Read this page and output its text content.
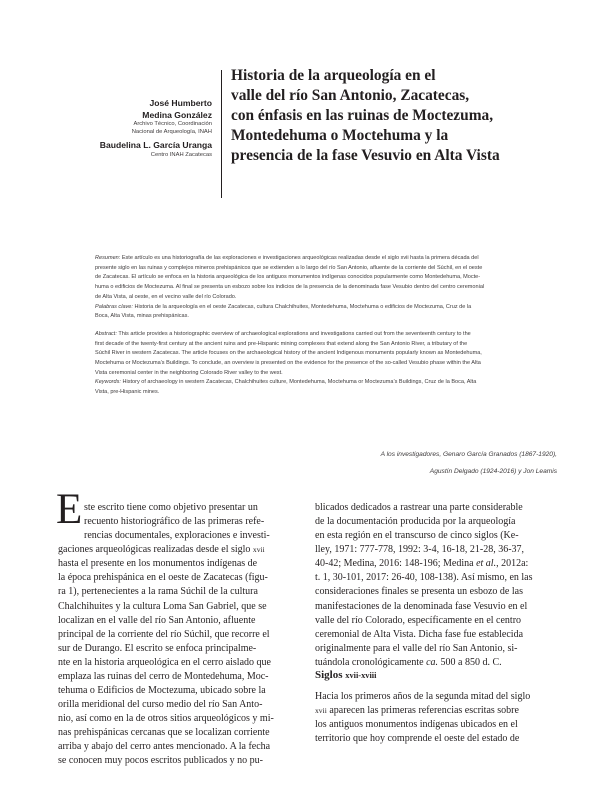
José Humberto
Medina González
Archivo Técnico, Coordinación
Nacional de Arqueología, INAH
Baudelina L. García Uranga
Centro INAH Zacatecas
Historia de la arqueología en el
valle del río San Antonio, Zacatecas,
con énfasis en las ruinas de Moctezuma,
Montedehuma o Moctehuma y la
presencia de la fase Vesuvio en Alta Vista
Resumen: Este artículo es una historiografía de las exploraciones e investigaciones arqueológicas realizadas desde el siglo xvii hasta la primera década del
presente siglo en las ruinas y complejos mineros prehispánicos que se extienden a lo largo del río San Antonio, afluente de la corriente del Súchil, en el oeste
de Zacatecas. El artículo se enfoca en la historia arqueológica de los antiguos monumentos indígenas conocidos popularmente como Montedehuma, Mocte-
huma o edificios de Moctezuma. Al final se presenta un esbozo sobre los indicios de la presencia de la denominada fase Vesubio dentro del centro ceremonial
de Alta Vista, al oeste, en el vecino valle del río Colorado.
Palabras clave: Historia de la arqueología en el oeste Zacatecas, cultura Chalchihuites, Montedehuma, Moctehuma o edificios de Moctezuma, Cruz de la
Boca, Alta Vista, minas prehispánicas.
Abstract: This article provides a historiographic overview of archaeological explorations and investigations carried out from the seventeenth century to the
first decade of the twenty-first century at the ancient ruins and pre-Hispanic mining complexes that extend along the San Antonio River, a tributary of the
Súchil River in western Zacatecas. The article focuses on the archaeological history of the ancient Indigenous monuments popularly known as Montedehuma,
Moctehuma or Moctezuma’s Buildings. To conclude, an overview is presented on the evidence for the presence of the so-called Vesubio phase within the Alta
Vista ceremonial center in the neighboring Colorado River valley to the west.
Keywords: History of archaeology in western Zacatecas, Chalchihuites culture, Montedehuma, Moctehuma or Moctezuma’s Buildings, Cruz de la Boca, Alta
Vista, pre-Hispanic mines.
A los investigadores, Genaro García Granados (1867-1920),
Agustín Delgado (1924-2016) y Jon Leamis
E ste escrito tiene como objetivo presentar un
recuento historiográfico de las primeras refe-
rencias documentales, exploraciones e investi-
gaciones arqueológicas realizadas desde el siglo xvii
hasta el presente en los monumentos indígenas de
la época prehispánica en el oeste de Zacatecas (figu-
ra 1), pertenecientes a la rama Súchil de la cultura
Chalchihuites y la cultura Loma San Gabriel, que se
localizan en el valle del río San Antonio, afluente
principal de la corriente del río Súchil, que recorre el
sur de Durango. El escrito se enfoca principalme-
nte en la historia arqueológica en el cerro aislado que
emplaza las ruinas del cerro de Montedehuma, Moc-
tehuma o Edificios de Moctezuma, ubicado sobre la
orilla meridional del curso medio del río San Anto-
nio, así como en la de otros sitios arqueológicos y mi-
nas prehispánicas cercanas que se localizan corriente
arriba y abajo del cerro antes mencionado. A la fecha
se conocen muy pocos escritos publicados y no pu-
blicados dedicados a rastrear una parte considerable
de la documentación producida por la arqueología
en esta región en el transcurso de cinco siglos (Ke-
lley, 1971: 777-778, 1992: 3-4, 16-18, 21-28, 36-37,
40-42; Medina, 2016: 148-196; Medina et al., 2012a:
t. 1, 30-101, 2017: 26-40, 108-138). Así mismo, en las
consideraciones finales se presenta un esbozo de las
manifestaciones de la denominada fase Vesuvio en el
valle del río Colorado, específicamente en el centro
ceremonial de Alta Vista. Dicha fase fue establecida
originalmente para el valle del río San Antonio, si-
tuándola cronológicamente ca. 500 a 850 d. C.
Siglos xvii-xviii
Hacia los primeros años de la segunda mitad del siglo
xvii aparecen las primeras referencias escritas sobre
los antiguos monumentos indígenas ubicados en el
territorio que hoy comprende el oeste del estado de
